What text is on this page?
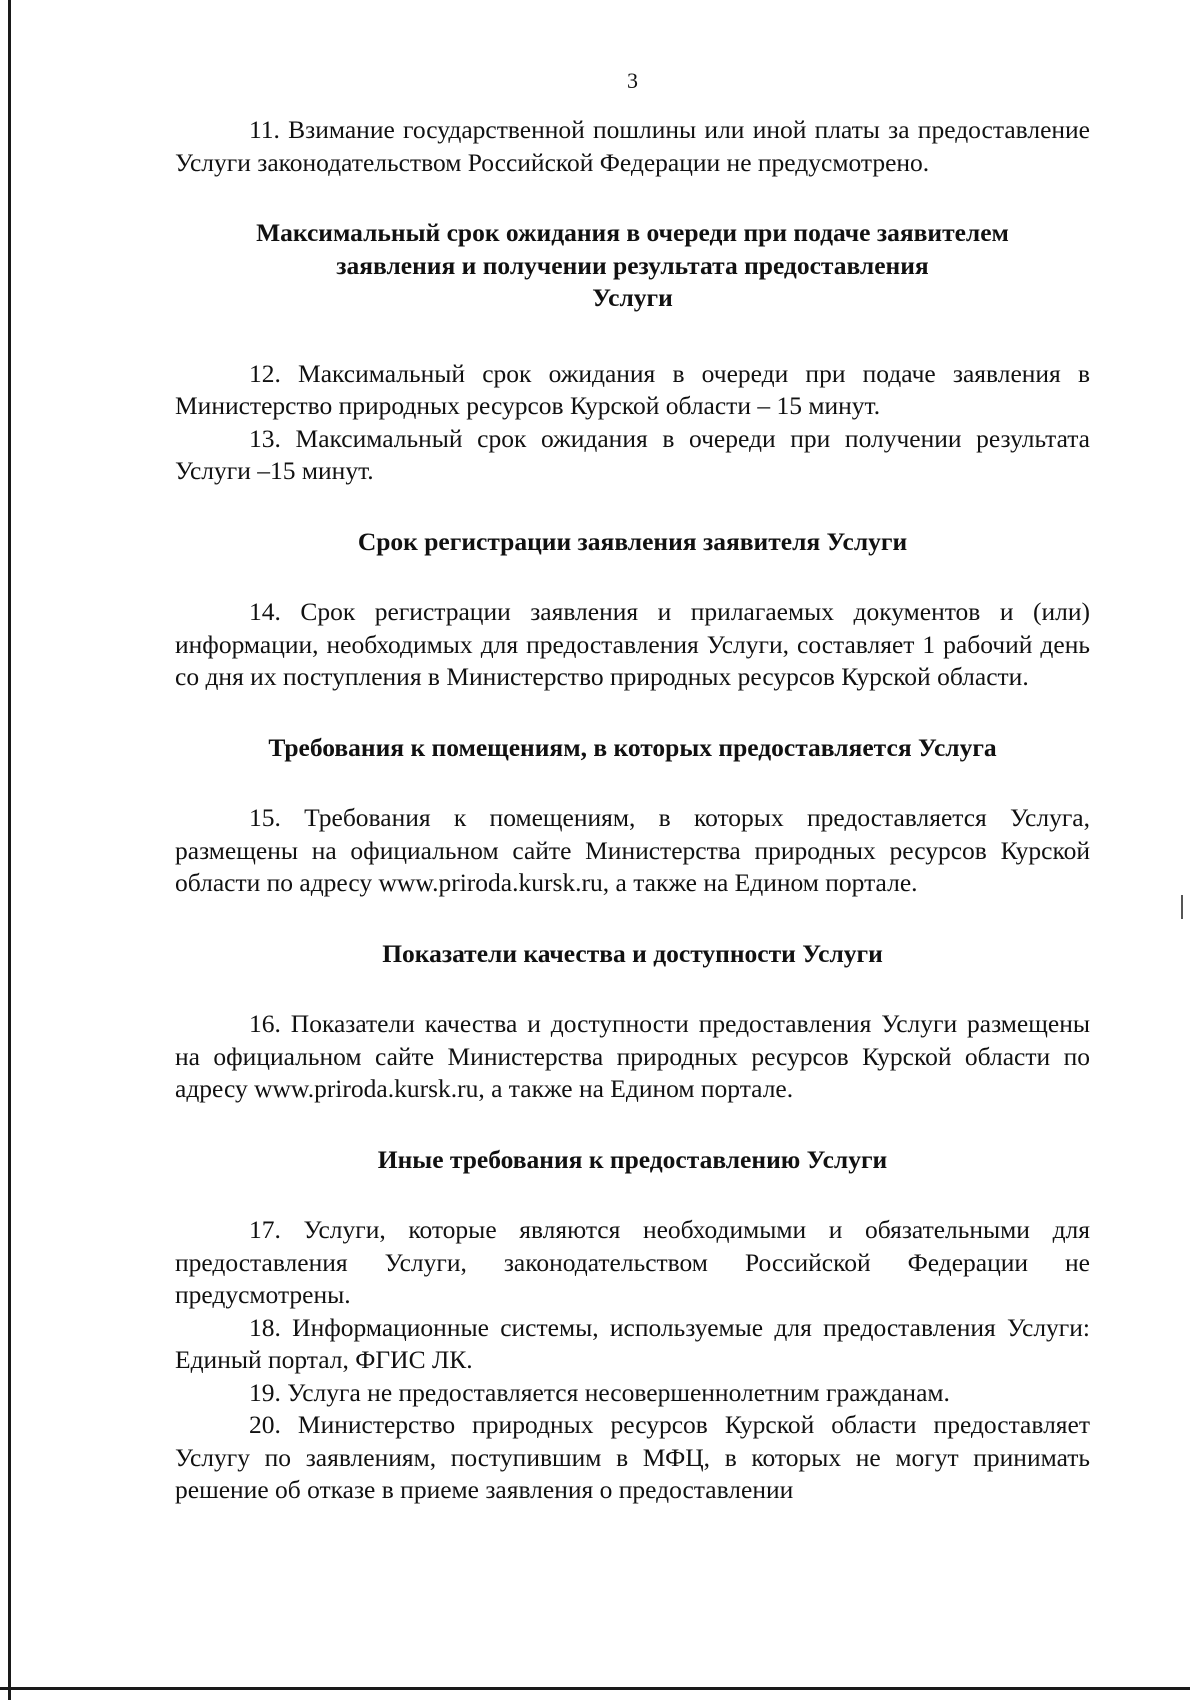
3

11. Взимание государственной пошлины или иной платы за предоставление Услуги законодательством Российской Федерации не предусмотрено.

Максимальный срок ожидания в очереди при подаче заявителем
заявления и получении результата предоставления
Услуги

12. Максимальный срок ожидания в очереди при подаче заявления в Министерство природных ресурсов Курской области – 15 минут.

13. Максимальный срок ожидания в очереди при получении результата Услуги –15 минут.

Срок регистрации заявления заявителя Услуги

14. Срок регистрации заявления и прилагаемых документов и (или) информации, необходимых для предоставления Услуги, составляет 1 рабочий день со дня их поступления в Министерство природных ресурсов Курской области.

Требования к помещениям, в которых предоставляется Услуга

15. Требования к помещениям, в которых предоставляется Услуга, размещены на официальном сайте Министерства природных ресурсов Курской области по адресу www.priroda.kursk.ru, а также на Едином портале.

Показатели качества и доступности Услуги

16. Показатели качества и доступности предоставления Услуги размещены на официальном сайте Министерства природных ресурсов Курской области по адресу www.priroda.kursk.ru, а также на Едином портале.

Иные требования к предоставлению Услуги

17. Услуги, которые являются необходимыми и обязательными для предоставления Услуги, законодательством Российской Федерации не предусмотрены.

18. Информационные системы, используемые для предоставления Услуги: Единый портал, ФГИС ЛК.

19. Услуга не предоставляется несовершеннолетним гражданам.

20. Министерство природных ресурсов Курской области предоставляет Услугу по заявлениям, поступившим в МФЦ, в которых не могут принимать решение об отказе в приеме заявления о предоставлении
